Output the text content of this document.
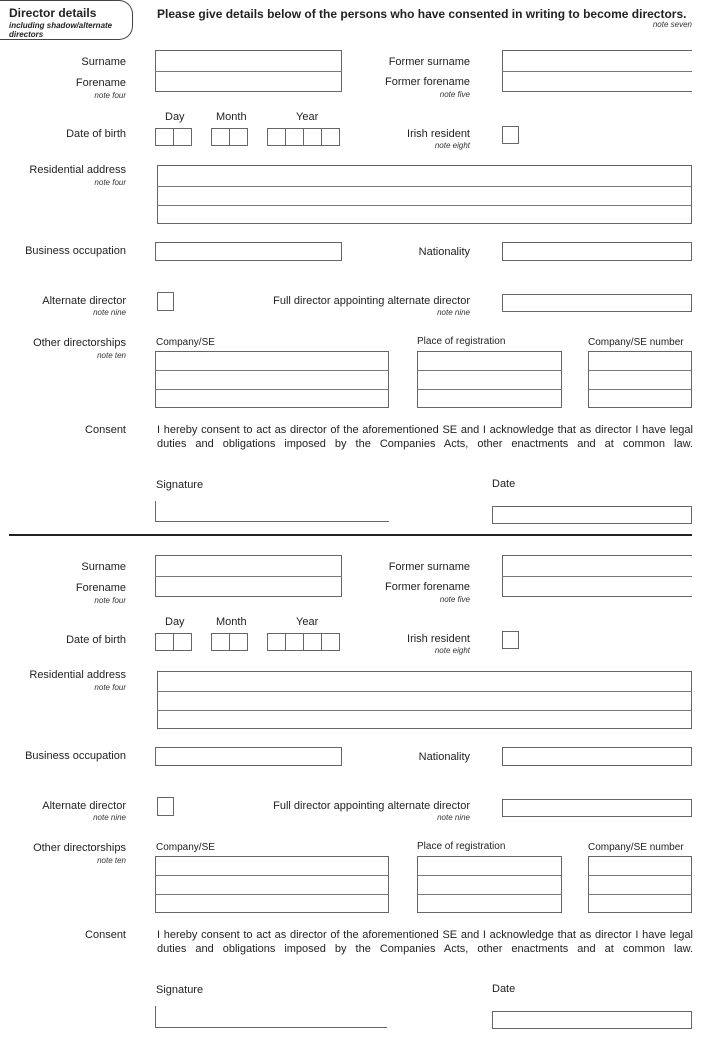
Director details
including shadow/alternate
directors
Please give details below of the persons who have consented in writing to become directors.
note seven
Surname
Forename
note four
Former surname
Former forename
note five
Day	Month	Year
Date of birth	Irish resident
note eight
Residential address
note four
Business occupation	Nationality
Alternate director
note nine
Full director appointing alternate director
note nine
Other directorships
note ten
Company/SE	Place of registration	Company/SE number
Consent	I hereby consent to act as director of the aforementioned SE and I acknowledge that as director I have legal duties and obligations imposed by the Companies Acts, other enactments and at common law.
Signature	Date
Surname
Forename
note four
Former surname
Former forename
note five
Day	Month	Year
Date of birth	Irish resident
note eight
Residential address
note four
Business occupation	Nationality
Alternate director
note nine
Full director appointing alternate director
note nine
Other directorships
note ten
Company/SE	Place of registration	Company/SE number
Consent	I hereby consent to act as director of the aforementioned SE and I acknowledge that as director I have legal duties and obligations imposed by the Companies Acts, other enactments and at common law.
Signature	Date
